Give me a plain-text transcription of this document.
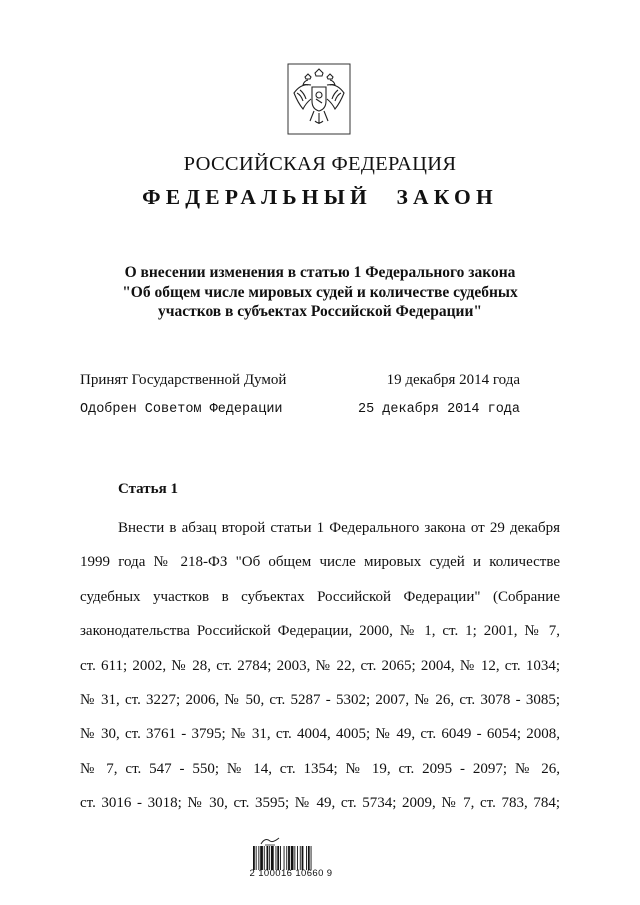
РОССИЙСКАЯ ФЕДЕРАЦИЯ
ФЕДЕРАЛЬНЫЙ ЗАКОН
О внесении изменения в статью 1 Федерального закона
"Об общем числе мировых судей и количестве судебных
участков в субъектах Российской Федерации"
Принят Государственной Думой	19 декабря 2014 года
Одобрен Советом Федерации	25 декабря 2014 года
Статья 1
Внести в абзац второй статьи 1 Федерального закона от 29 декабря
1999 года № 218-ФЗ "Об общем числе мировых судей и количестве
судебных участков в субъектах Российской Федерации" (Собрание
законодательства Российской Федерации, 2000, № 1, ст. 1; 2001, № 7,
ст. 611; 2002, № 28, ст. 2784; 2003, № 22, ст. 2065; 2004, № 12, ст. 1034;
№ 31, ст. 3227; 2006, № 50, ст. 5287 - 5302; 2007, № 26, ст. 3078 - 3085;
№ 30, ст. 3761 - 3795; № 31, ст. 4004, 4005; № 49, ст. 6049 - 6054; 2008,
№ 7, ст. 547 - 550; № 14, ст. 1354; № 19, ст. 2095 - 2097; № 26,
ст. 3016 - 3018; № 30, ст. 3595; № 49, ст. 5734; 2009, № 7, ст. 783, 784;
2 100016 10660 9
